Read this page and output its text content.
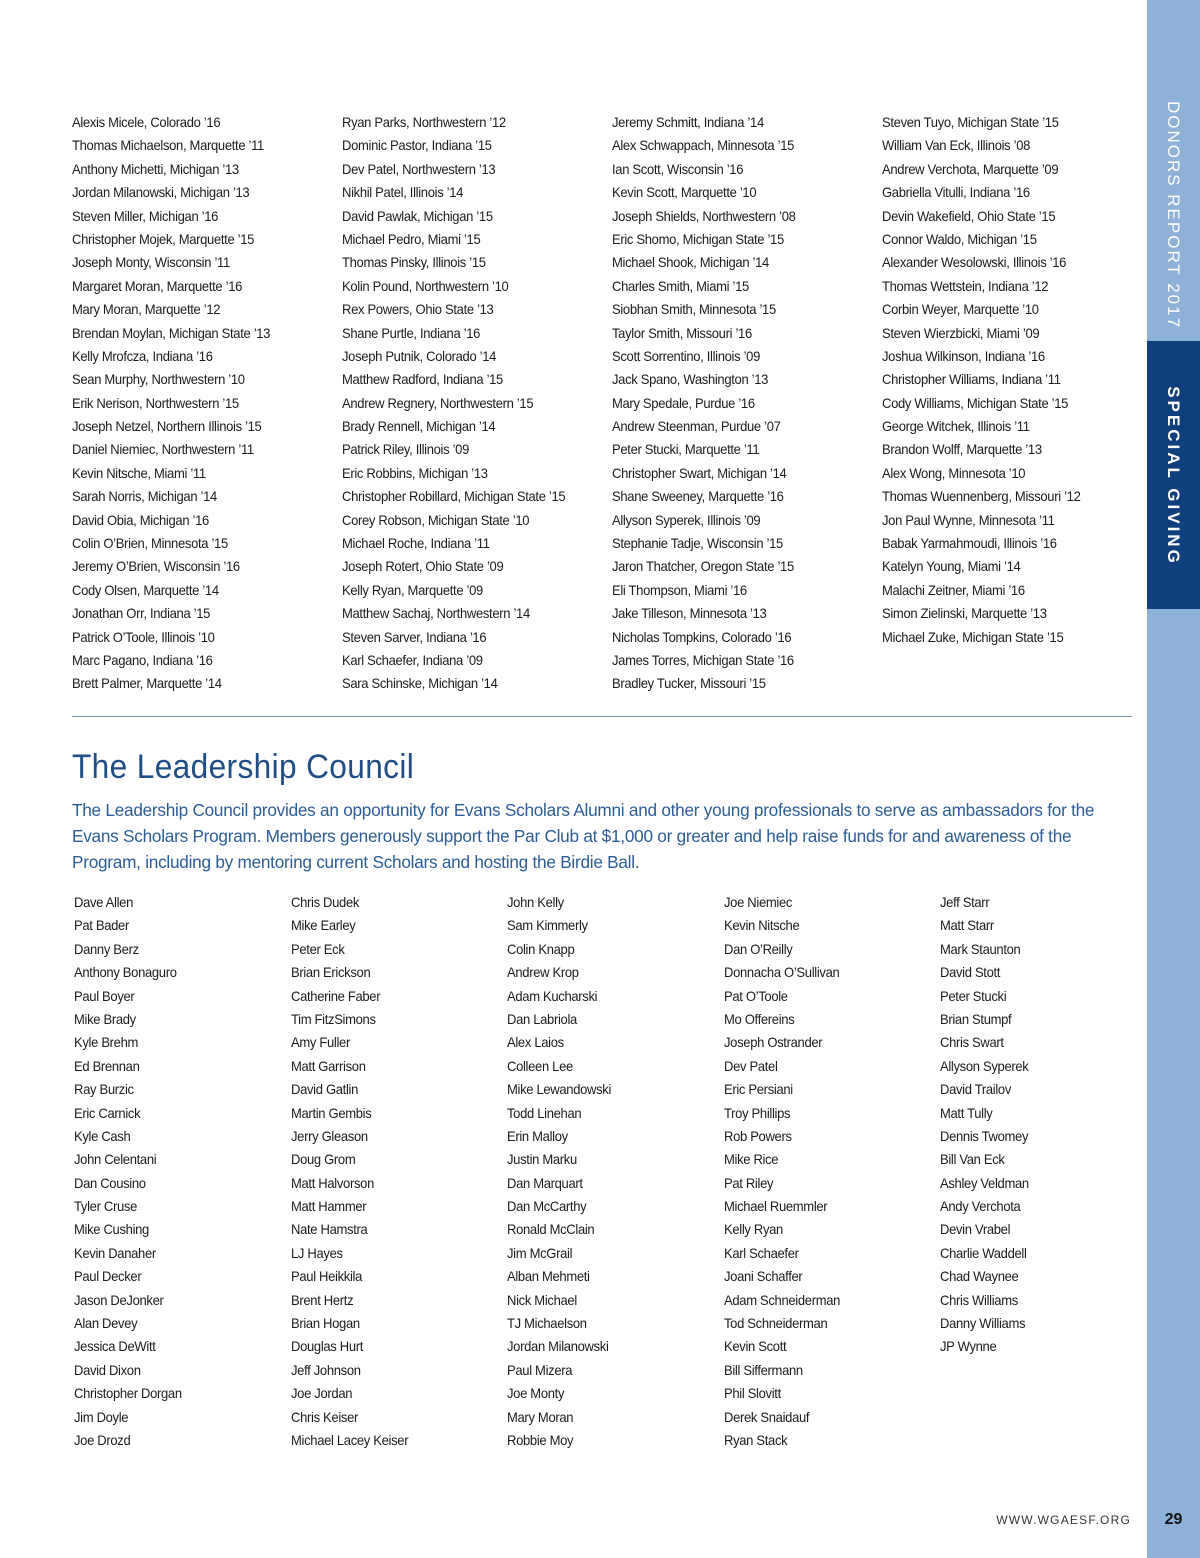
Alexis Micele, Colorado ’16
Thomas Michaelson, Marquette ’11
Anthony Michetti, Michigan ’13
Jordan Milanowski, Michigan ’13
Steven Miller, Michigan ’16
Christopher Mojek, Marquette ’15
Joseph Monty, Wisconsin ’11
Margaret Moran, Marquette ’16
Mary Moran, Marquette ’12
Brendan Moylan, Michigan State ’13
Kelly Mrofcza, Indiana ’16
Sean Murphy, Northwestern ’10
Erik Nerison, Northwestern ’15
Joseph Netzel, Northern Illinois ’15
Daniel Niemiec, Northwestern ’11
Kevin Nitsche, Miami ’11
Sarah Norris, Michigan ’14
David Obia, Michigan ’16
Colin O’Brien, Minnesota ’15
Jeremy O’Brien, Wisconsin ’16
Cody Olsen, Marquette ’14
Jonathan Orr, Indiana ’15
Patrick O’Toole, Illinois ’10
Marc Pagano, Indiana ’16
Brett Palmer, Marquette ’14
Ryan Parks, Northwestern ’12
Dominic Pastor, Indiana ’15
Dev Patel, Northwestern ’13
Nikhil Patel, Illinois ’14
David Pawlak, Michigan ’15
Michael Pedro, Miami ’15
Thomas Pinsky, Illinois ’15
Kolin Pound, Northwestern ’10
Rex Powers, Ohio State ’13
Shane Purtle, Indiana ’16
Joseph Putnik, Colorado ’14
Matthew Radford, Indiana ’15
Andrew Regnery, Northwestern ’15
Brady Rennell, Michigan ’14
Patrick Riley, Illinois ’09
Eric Robbins, Michigan ’13
Christopher Robillard, Michigan State ’15
Corey Robson, Michigan State ’10
Michael Roche, Indiana ’11
Joseph Rotert, Ohio State ’09
Kelly Ryan, Marquette ’09
Matthew Sachaj, Northwestern ’14
Steven Sarver, Indiana ’16
Karl Schaefer, Indiana ’09
Sara Schinske, Michigan ’14
Jeremy Schmitt, Indiana ’14
Alex Schwappach, Minnesota ’15
Ian Scott, Wisconsin ’16
Kevin Scott, Marquette ’10
Joseph Shields, Northwestern ’08
Eric Shomo, Michigan State ’15
Michael Shook, Michigan ’14
Charles Smith, Miami ’15
Siobhan Smith, Minnesota ’15
Taylor Smith, Missouri ’16
Scott Sorrentino, Illinois ’09
Jack Spano, Washington ’13
Mary Spedale, Purdue ’16
Andrew Steenman, Purdue ’07
Peter Stucki, Marquette ’11
Christopher Swart, Michigan ’14
Shane Sweeney, Marquette ’16
Allyson Syperek, Illinois ’09
Stephanie Tadje, Wisconsin ’15
Jaron Thatcher, Oregon State ’15
Eli Thompson, Miami ’16
Jake Tilleson, Minnesota ’13
Nicholas Tompkins, Colorado ’16
James Torres, Michigan State ’16
Bradley Tucker, Missouri ’15
Steven Tuyo, Michigan State ’15
William Van Eck, Illinois ’08
Andrew Verchota, Marquette ’09
Gabriella Vitulli, Indiana ’16
Devin Wakefield, Ohio State ’15
Connor Waldo, Michigan ’15
Alexander Wesolowski, Illinois ’16
Thomas Wettstein, Indiana ’12
Corbin Weyer, Marquette ’10
Steven Wierzbicki, Miami ’09
Joshua Wilkinson, Indiana ’16
Christopher Williams, Indiana ’11
Cody Williams, Michigan State ’15
George Witchek, Illinois ’11
Brandon Wolff, Marquette ’13
Alex Wong, Minnesota ’10
Thomas Wuennenberg, Missouri ’12
Jon Paul Wynne, Minnesota ’11
Babak Yarmahmoudi, Illinois ’16
Katelyn Young, Miami ’14
Malachi Zeitner, Miami ’16
Simon Zielinski, Marquette ’13
Michael Zuke, Michigan State ’15
The Leadership Council
The Leadership Council provides an opportunity for Evans Scholars Alumni and other young professionals to serve as ambassadors for the Evans Scholars Program. Members generously support the Par Club at $1,000 or greater and help raise funds for and awareness of the Program, including by mentoring current Scholars and hosting the Birdie Ball.
Dave Allen
Pat Bader
Danny Berz
Anthony Bonaguro
Paul Boyer
Mike Brady
Kyle Brehm
Ed Brennan
Ray Burzic
Eric Carnick
Kyle Cash
John Celentani
Dan Cousino
Tyler Cruse
Mike Cushing
Kevin Danaher
Paul Decker
Jason DeJonker
Alan Devey
Jessica DeWitt
David Dixon
Christopher Dorgan
Jim Doyle
Joe Drozd
Chris Dudek
Mike Earley
Peter Eck
Brian Erickson
Catherine Faber
Tim FitzSimons
Amy Fuller
Matt Garrison
David Gatlin
Martin Gembis
Jerry Gleason
Doug Grom
Matt Halvorson
Matt Hammer
Nate Hamstra
LJ Hayes
Paul Heikkila
Brent Hertz
Brian Hogan
Douglas Hurt
Jeff Johnson
Joe Jordan
Chris Keiser
Michael Lacey Keiser
John Kelly
Sam Kimmerly
Colin Knapp
Andrew Krop
Adam Kucharski
Dan Labriola
Alex Laios
Colleen Lee
Mike Lewandowski
Todd Linehan
Erin Malloy
Justin Marku
Dan Marquart
Dan McCarthy
Ronald McClain
Jim McGrail
Alban Mehmeti
Nick Michael
TJ Michaelson
Jordan Milanowski
Paul Mizera
Joe Monty
Mary Moran
Robbie Moy
Joe Niemiec
Kevin Nitsche
Dan O’Reilly
Donnacha O’Sullivan
Pat O’Toole
Mo Offereins
Joseph Ostrander
Dev Patel
Eric Persiani
Troy Phillips
Rob Powers
Mike Rice
Pat Riley
Michael Ruemmler
Kelly Ryan
Karl Schaefer
Joani Schaffer
Adam Schneiderman
Tod Schneiderman
Kevin Scott
Bill Siffermann
Phil Slovitt
Derek Snaidauf
Ryan Stack
Jeff Starr
Matt Starr
Mark Staunton
David Stott
Peter Stucki
Brian Stumpf
Chris Swart
Allyson Syperek
David Trailov
Matt Tully
Dennis Twomey
Bill Van Eck
Ashley Veldman
Andy Verchota
Devin Vrabel
Charlie Waddell
Chad Waynee
Chris Williams
Danny Williams
JP Wynne
WWW.WGAESF.ORG
DONORS REPORT 2017
SPECIAL GIVING
29
